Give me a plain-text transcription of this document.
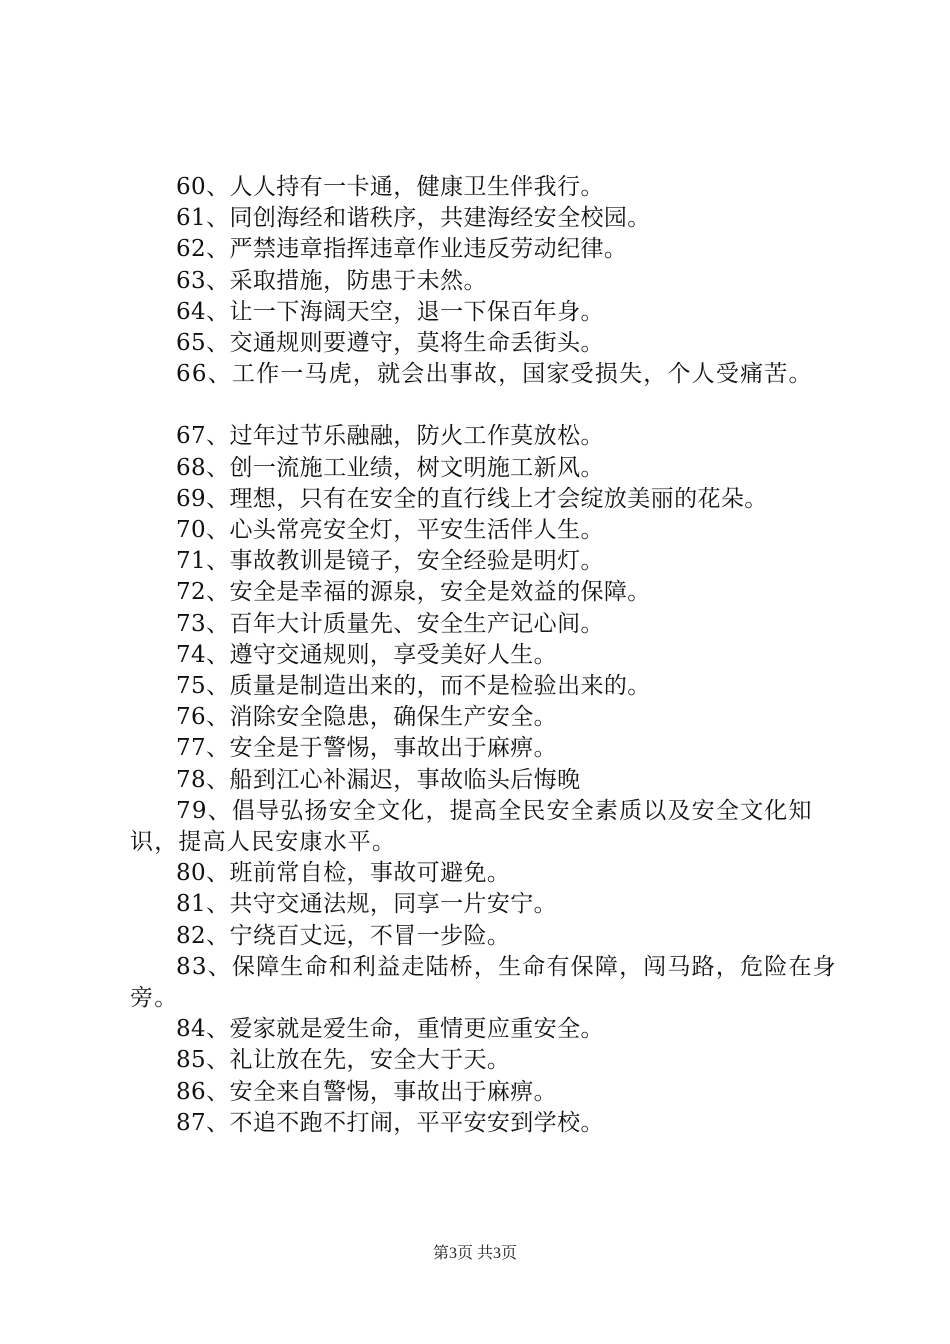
60、人人持有一卡通，健康卫生伴我行。

61、同创海经和谐秩序，共建海经安全校园。

62、严禁违章指挥违章作业违反劳动纪律。

63、采取措施，防患于未然。

64、让一下海阔天空，退一下保百年身。

65、交通规则要遵守，莫将生命丢街头。

66、工作一马虎，就会出事故，国家受损失，个人受痛苦。

67、过年过节乐融融，防火工作莫放松。

68、创一流施工业绩，树文明施工新风。

69、理想，只有在安全的直行线上才会绽放美丽的花朵。

70、心头常亮安全灯，平安生活伴人生。

71、事故教训是镜子，安全经验是明灯。

72、安全是幸福的源泉，安全是效益的保障。

73、百年大计质量先、安全生产记心间。

74、遵守交通规则，享受美好人生。

75、质量是制造出来的，而不是检验出来的。

76、消除安全隐患，确保生产安全。

77、安全是于警惕，事故出于麻痹。

78、船到江心补漏迟，事故临头后悔晚

79、倡导弘扬安全文化，提高全民安全素质以及安全文化知识，提高人民安康水平。

80、班前常自检，事故可避免。

81、共守交通法规，同享一片安宁。

82、宁绕百丈远，不冒一步险。

83、保障生命和利益走陆桥，生命有保障，闯马路，危险在身旁。

84、爱家就是爱生命，重情更应重安全。

85、礼让放在先，安全大于天。

86、安全来自警惕，事故出于麻痹。

87、不追不跑不打闹，平平安安到学校。

第3页 共3页
